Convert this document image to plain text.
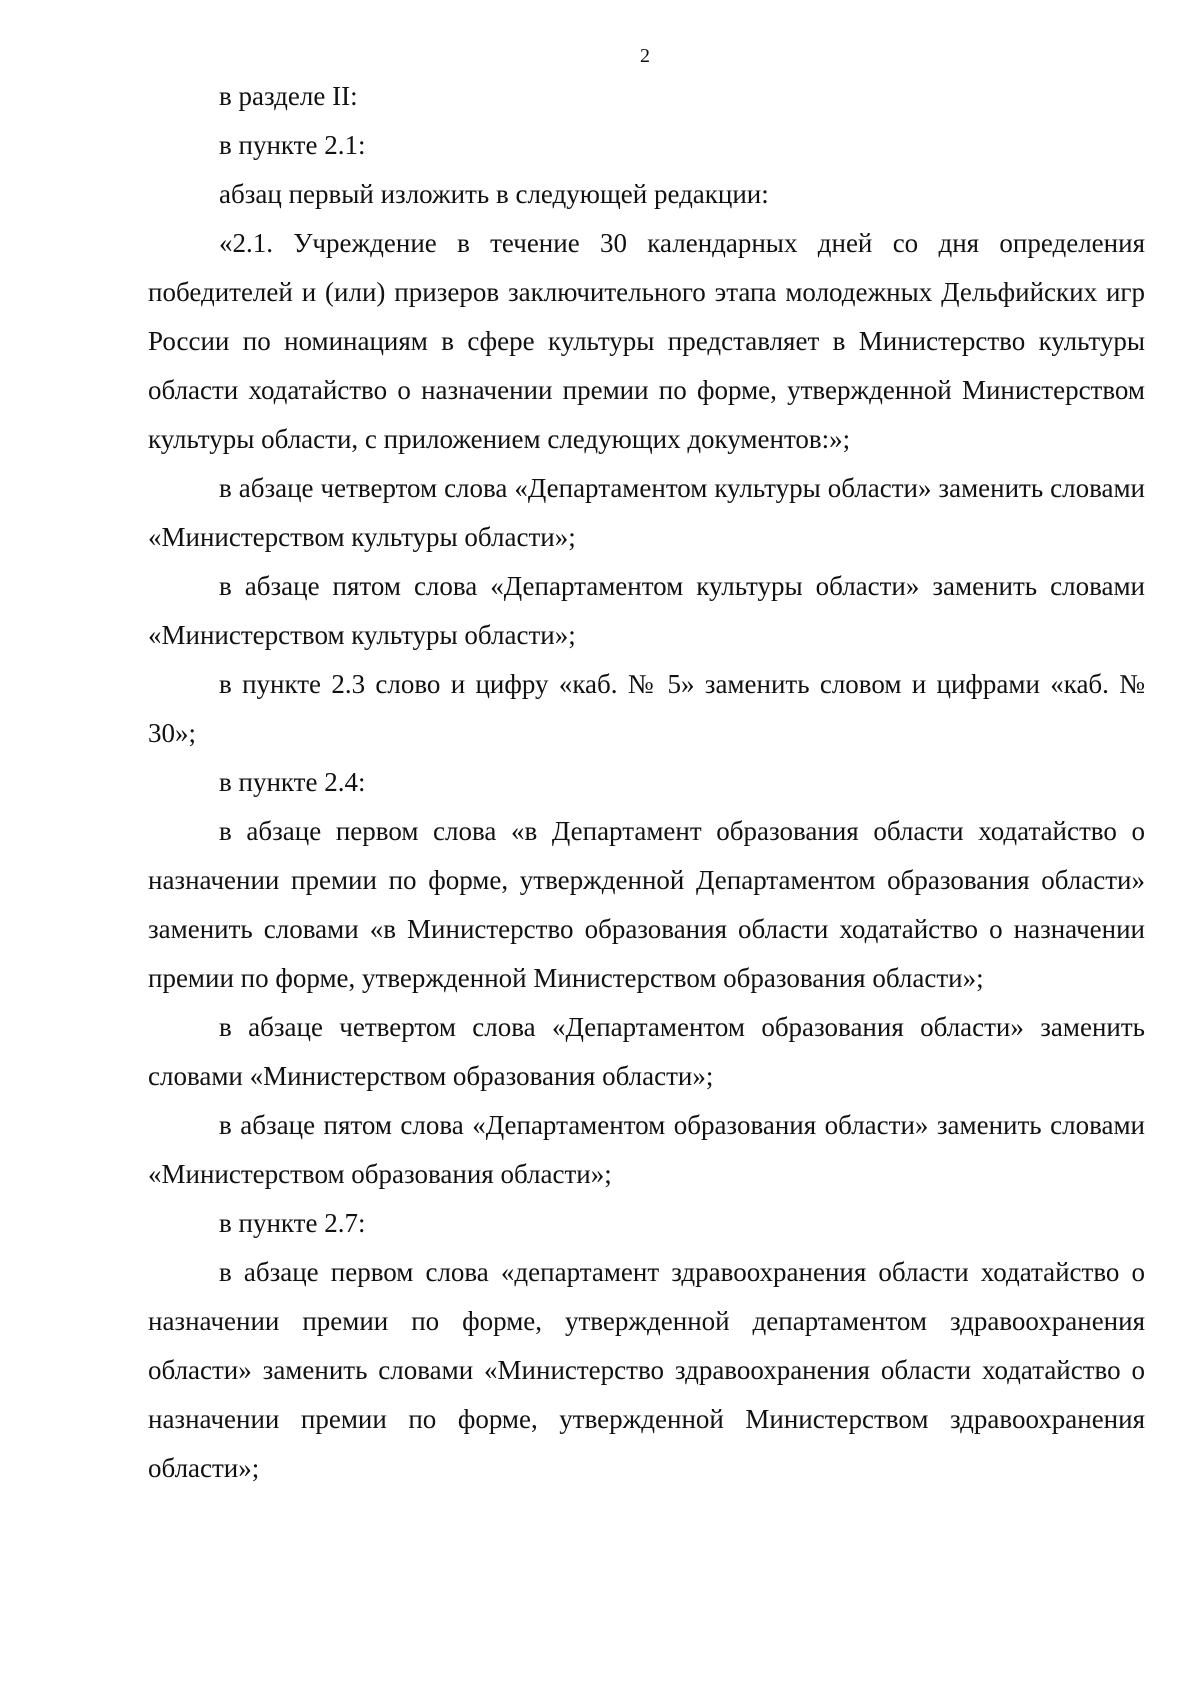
2

в разделе II:

в пункте 2.1:

абзац первый изложить в следующей редакции:

«2.1. Учреждение в течение 30 календарных дней со дня определения победителей и (или) призеров заключительного этапа молодежных Дельфийских игр России по номинациям в сфере культуры представляет в Министерство культуры области ходатайство о назначении премии по форме, утвержденной Министерством культуры области, с приложением следующих документов:»;

в абзаце четвертом слова «Департаментом культуры области» заменить словами «Министерством культуры области»;

в абзаце пятом слова «Департаментом культуры области» заменить словами «Министерством культуры области»;

в пункте 2.3 слово и цифру «каб. № 5» заменить словом и цифрами «каб. № 30»;

в пункте 2.4:

в абзаце первом слова «в Департамент образования области ходатайство о назначении премии по форме, утвержденной Департаментом образования области» заменить словами «в Министерство образования области ходатайство о назначении премии по форме, утвержденной Министерством образования области»;

в абзаце четвертом слова «Департаментом образования области» заменить словами «Министерством образования области»;

в абзаце пятом слова «Департаментом образования области» заменить словами «Министерством образования области»;

в пункте 2.7:

в абзаце первом слова «департамент здравоохранения области ходатайство о назначении премии по форме, утвержденной департаментом здравоохранения области» заменить словами «Министерство здравоохранения области ходатайство о назначении премии по форме, утвержденной Министерством здравоохранения области»;
